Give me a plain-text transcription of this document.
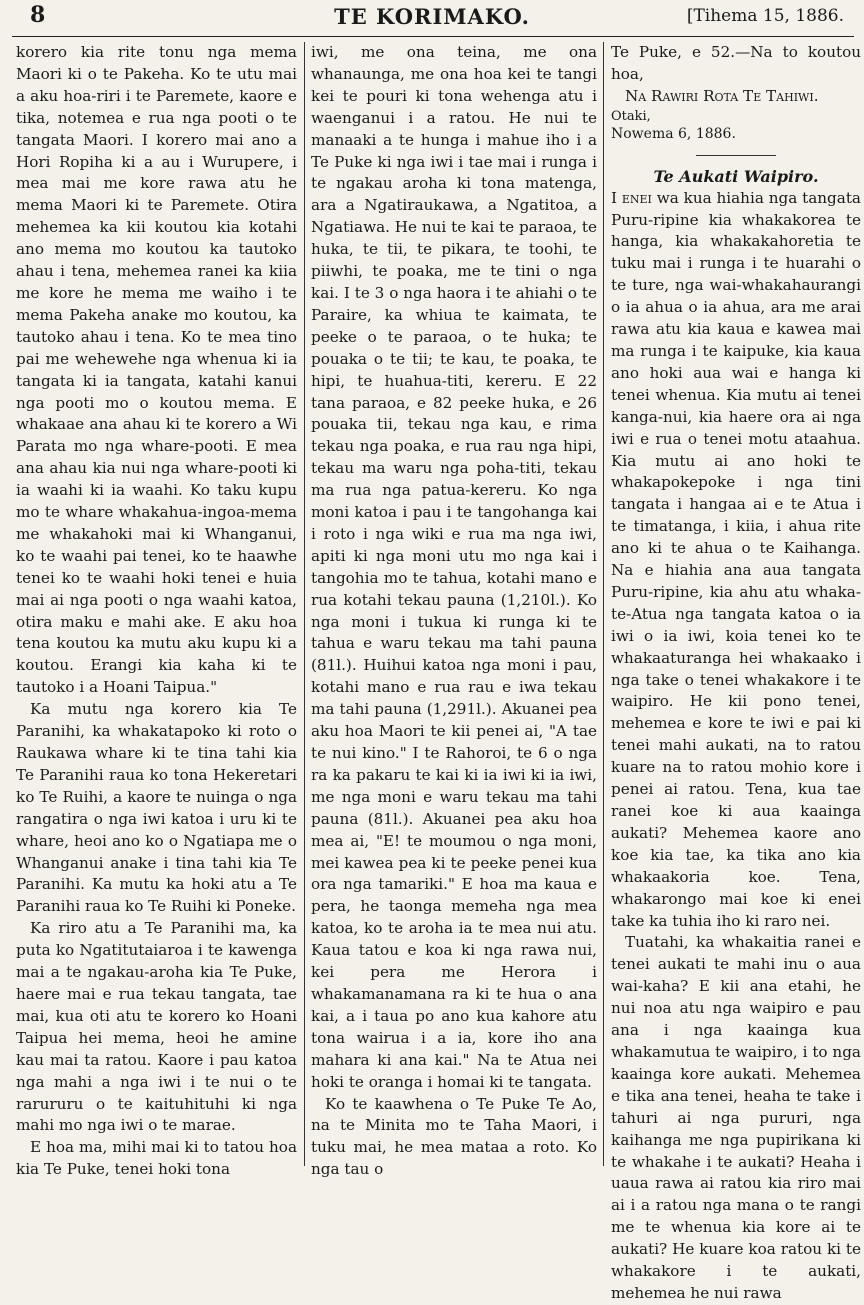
8	TE KORIMAKO.	[Tihema 15, 1886.

korero kia rite tonu nga mema Maori ki o te Pakeha. Ko te utu mai a aku hoa-riri i te Paremete, kaore e tika, notemea e rua nga pooti o te tangata Maori. I korero mai ano a Hori Ropiha ki a au i Wurupere, i mea mai me kore rawa atu he mema Maori ki te Paremete. Otira mehemea ka kii koutou kia kotahi ano mema mo koutou ka tautoko ahau i tena, mehemea ranei ka kiia me kore he mema me waiho i te mema Pakeha anake mo koutou, ka tautoko ahau i tena. Ko te mea tino pai me wehewehe nga whenua ki ia tangata ki ia tangata, katahi kanui nga pooti mo o koutou mema. E whakaae ana ahau ki te korero a Wi Parata mo nga whare-pooti. E mea ana ahau kia nui nga whare-pooti ki ia waahi ki ia waahi. Ko taku kupu mo te whare whakahua-ingoa-mema me whakahoki mai ki Whanganui, ko te waahi pai tenei, ko te haawhe tenei ko te waahi hoki tenei e huia mai ai nga pooti o nga waahi katoa, otira maku e mahi ake. E aku hoa tena koutou ka mutu aku kupu ki a koutou. Erangi kia kaha ki te tautoko i a Hoani Taipua."

Ka mutu nga korero kia Te Paranihi, ka whakatapoko ki roto o Raukawa whare ki te tina tahi kia Te Paranihi raua ko tona Hekeretari ko Te Ruihi, a kaore te nuinga o nga rangatira o nga iwi katoa i uru ki te whare, heoi ano ko o Ngatiapa me o Whanganui anake i tina tahi kia Te Paranihi. Ka mutu ka hoki atu a Te Paranihi raua ko Te Ruihi ki Poneke.

Ka riro atu a Te Paranihi ma, ka puta ko Ngatitutaiaroa i te kawenga mai a te ngakau-aroha kia Te Puke, haere mai e rua tekau tangata, tae mai, kua oti atu te korero ko Hoani Taipua hei mema, heoi he amine kau mai ta ratou. Kaore i pau katoa nga mahi a nga iwi i te nui o te rarururu o te kaituhituhi ki nga mahi mo nga iwi o te marae.

E hoa ma, mihi mai ki to tatou hoa kia Te Puke, tenei hoki tona

iwi, me ona teina, me ona whanaunga, me ona hoa kei te tangi kei te pouri ki tona wehenga atu i waenganui i a ratou. He nui te manaaki a te hunga i mahue iho i a Te Puke ki nga iwi i tae mai i runga i te ngakau aroha ki tona matenga, ara a Ngatiraukawa, a Ngatitoa, a Ngatiawa. He nui te kai te paraoa, te huka, te tii, te pikara, te toohi, te piiwhi, te poaka, me te tini o nga kai. I te 3 o nga haora i te ahiahi o te Paraire, ka whiua te kaimata, te peeke o te paraoa, o te huka; te pouaka o te tii; te kau, te poaka, te hipi, te huahua-titi, kereru. E 22 tana paraoa, e 82 peeke huka, e 26 pouaka tii, tekau nga kau, e rima tekau nga poaka, e rua rau nga hipi, tekau ma waru nga poha-titi, tekau ma rua nga patua-kereru. Ko nga moni katoa i pau i te tangohanga kai i roto i nga wiki e rua ma nga iwi, apiti ki nga moni utu mo nga kai i tangohia mo te tahua, kotahi mano e rua kotahi tekau pauna (1,210l.). Ko nga moni i tukua ki runga ki te tahua e waru tekau ma tahi pauna (81l.). Huihui katoa nga moni i pau, kotahi mano e rua rau e iwa tekau ma tahi pauna (1,291l.). Akuanei pea aku hoa Maori te kii penei ai, "A tae te nui kino." I te Rahoroi, te 6 o nga ra ka pakaru te kai ki ia iwi ki ia iwi, me nga moni e waru tekau ma tahi pauna (81l.). Akuanei pea aku hoa mea ai, "E! te moumou o nga moni, mei kawea pea ki te peeke penei kua ora nga tamariki." E hoa ma kaua e pera, he taonga memeha nga mea katoa, ko te aroha ia te mea nui atu. Kaua tatou e koa ki nga rawa nui, kei pera me Herora i whakamanamana ra ki te hua o ana kai, a i taua po ano kua kahore atu tona wairua i a ia, kore iho ana mahara ki ana kai." Na te Atua nei hoki te oranga i homai ki te tangata.

Ko te kaawhena o Te Puke Te Ao, na te Minita mo te Taha Maori, i tuku mai, he mea mataa a roto. Ko nga tau o

Te Puke, e 52.—Na to koutou hoa,

Na Rawiri Rota Te Tahiwi.

Otaki,

Nowema 6, 1886.

Te Aukati Waipiro.

I enei wa kua hiahia nga tangata Puru-ripine kia whakakorea te hanga, kia whakakahoretia te tuku mai i runga i te huarahi o te ture, nga wai-whakahaurangi o ia ahua o ia ahua, ara me arai rawa atu kia kaua e kawea mai ma runga i te kaipuke, kia kaua ano hoki aua wai e hanga ki tenei whenua. Kia mutu ai tenei kanga-nui, kia haere ora ai nga iwi e rua o tenei motu ataahua. Kia mutu ai ano hoki te whakapokepoke i nga tini tangata i hangaa ai e te Atua i te timatanga, i kiia, i ahua rite ano ki te ahua o te Kaihanga. Na e hiahia ana aua tangata Puru-ripine, kia ahu atu whaka-te-Atua nga tangata katoa o ia iwi o ia iwi, koia tenei ko te whakaaturanga hei whakaako i nga take o tenei whakakore i te waipiro. He kii pono tenei, mehemea e kore te iwi e pai ki tenei mahi aukati, na to ratou kuare na to ratou mohio kore i penei ai ratou. Tena, kua tae ranei koe ki aua kaainga aukati? Mehemea kaore ano koe kia tae, ka tika ano kia whakaakoria koe. Tena, whakarongo mai koe ki enei take ka tuhia iho ki raro nei.

Tuatahi, ka whakaitia ranei e tenei aukati te mahi inu o aua wai-kaha? E kii ana etahi, he nui noa atu nga waipiro e pau ana i nga kaainga kua whakamutua te waipiro, i to nga kaainga kore aukati. Mehemea e tika ana tenei, heaha te take i tahuri ai nga pururi, nga kaihanga me nga pupirikana ki te whakahe i te aukati? Heaha i uaua rawa ai ratou kia riro mai ai i a ratou nga mana o te rangi me te whenua kia kore ai te aukati? He kuare koa ratou ki te whakakore i te aukati, mehemea he nui rawa
